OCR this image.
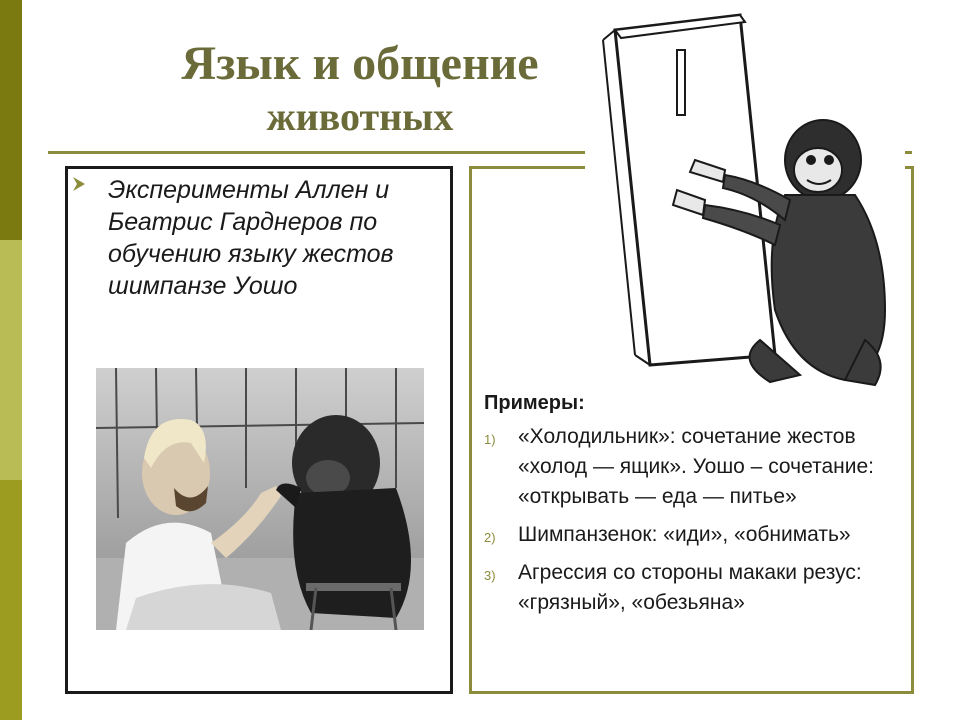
Язык и общение
животных
Эксперименты Аллен и Беатрис Гарднеров по обучению языку жестов шимпанзе Уошо
Примеры:
1) «Холодильник»: сочетание жестов «холод — ящик». Уошо – сочетание: «открывать — еда — питье»
2) Шимпанзенок: «иди», «обнимать»
3) Агрессия со стороны макаки резус: «грязный», «обезьяна»
